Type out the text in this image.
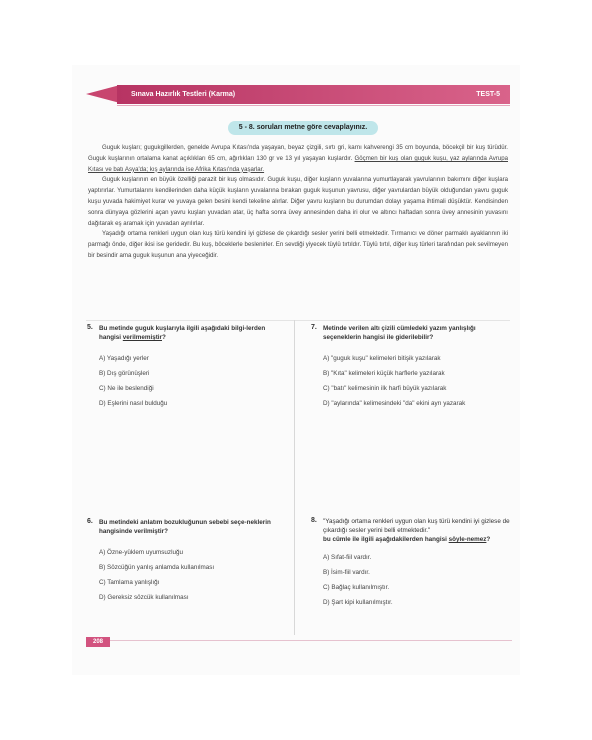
Sınava Hazırlık Testleri (Karma)	TEST-5
5 - 8. soruları metne göre cevaplayınız.

Guguk kuşları; gugukgillerden, genelde Avrupa Kıtası'nda yaşayan, beyaz çizgili, sırtı gri, karnı kahverengi 35 cm boyunda, böcekçil bir kuş türüdür. Guguk kuşlarının ortalama kanat açıklıkları 65 cm, ağırlıkları 130 gr ve 13 yıl yaşayan kuşlardır. Göçmen bir kuş olan guguk kuşu, yaz aylarında Avrupa Kıtası ve batı Asya'da; kış aylarında ise Afrika Kıtası'nda yaşarlar.

Guguk kuşlarının en büyük özelliği parazit bir kuş olmasıdır. Guguk kuşu, diğer kuşların yuvalarına yumurtlayarak yavrularının bakımını diğer kuşlara yaptırırlar. Yumurtalarını kendilerinden daha küçük kuşların yuvalarına bırakan guguk kuşunun yavrusu, diğer yavrulardan büyük olduğundan yavru guguk kuşu yuvada hakimiyet kurar ve yuvaya gelen besini kendi tekeline alırlar. Diğer yavru kuşların bu durumdan dolayı yaşama ihtimali düşüktür. Kendisinden sonra dünyaya gözlerini açan yavru kuşları yuvadan atar, üç hafta sonra üvey annesinden daha iri olur ve altıncı haftadan sonra üvey annesinin yuvasını dağıtarak eş aramak için yuvadan ayrılırlar.

Yaşadığı ortama renkleri uygun olan kuş türü kendini iyi gizlese de çıkardığı sesler yerini belli etmektedir. Tırmanıcı ve döner parmaklı ayaklarının iki parmağı önde, diğer ikisi ise geridedir. Bu kuş, böceklerle beslenirler. En sevdiği yiyecek tüylü tırtıldır. Tüylü tırtıl, diğer kuş türleri tarafından pek sevilmeyen bir besindir ama guguk kuşunun ana yiyeceğidir.

5. Bu metinde guguk kuşlarıyla ilgili aşağıdaki bilgi-lerden hangisi verilmemiştir?

A) Yaşadığı yerler

B) Dış görünüşleri

C) Ne ile beslendiği

D) Eşlerini nasıl bulduğu

7. Metinde verilen altı çizili cümledeki yazım yanlışlığı seçeneklerin hangisi ile giderilebilir?

A) "guguk kuşu" kelimeleri bitişik yazılarak

B) "Kıta" kelimeleri küçük harflerle yazılarak

C) "batı" kelimesinin ilk harfi büyük yazılarak

D) "aylarında" kelimesindeki "da" ekini ayrı yazarak

6. Bu metindeki anlatım bozukluğunun sebebi seçe-neklerin hangisinde verilmiştir?

A) Özne-yüklem uyumsuzluğu

B) Sözcüğün yanlış anlamda kullanılması

C) Tamlama yanlışlığı

D) Gereksiz sözcük kullanılması

8. "Yaşadığı ortama renkleri uygun olan kuş türü kendini iyi gizlese de çıkardığı sesler yerini belli etmektedir."
bu cümle ile ilgili aşağıdakilerden hangisi söyle-nemez?

A) Sıfat-fiil vardır.

B) İsim-fiil vardır.

C) Bağlaç kullanılmıştır.

D) Şart kipi kullanılmıştır.

208
